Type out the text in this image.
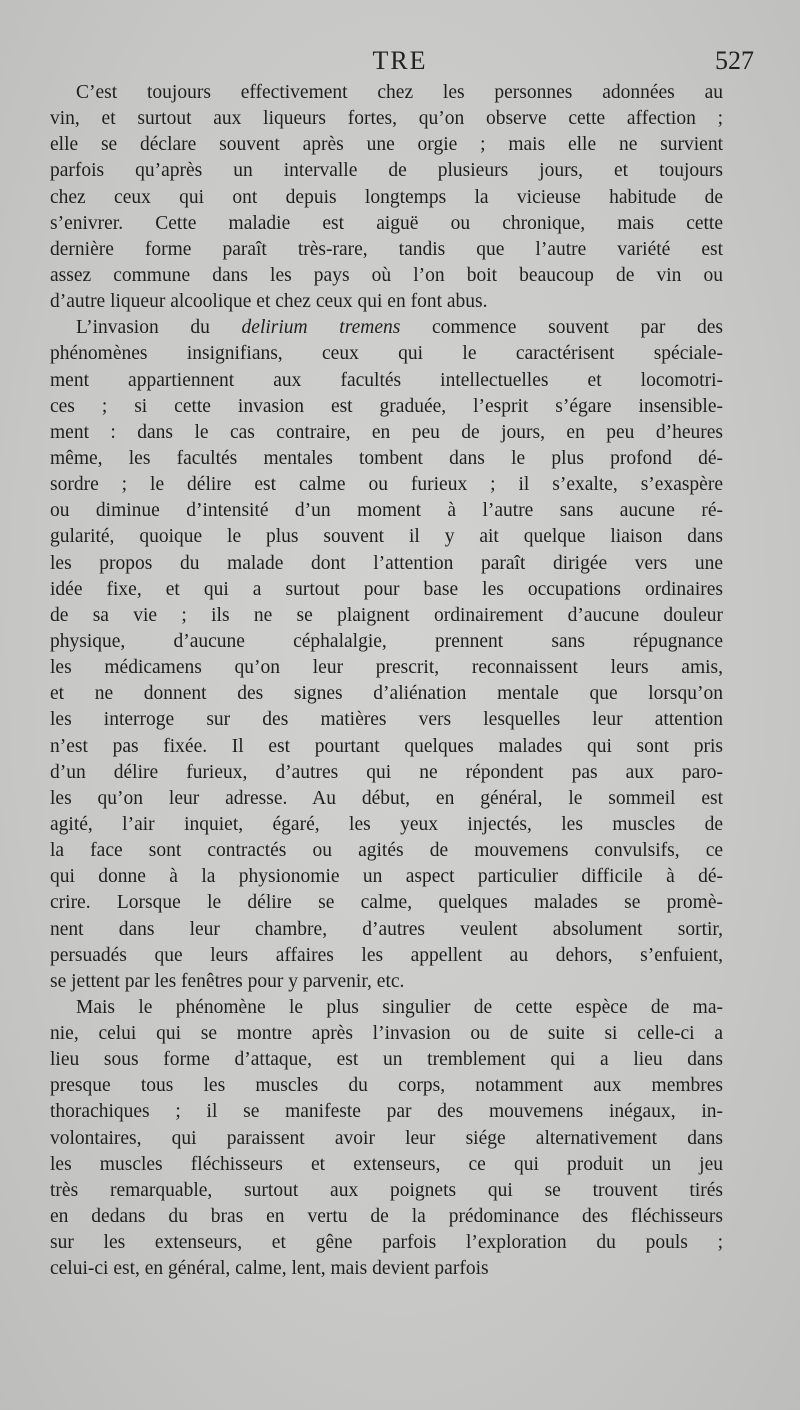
TRE	527
C’est toujours effectivement chez les personnes adonnées au
vin, et surtout aux liqueurs fortes, qu’on observe cette affection ;
elle se déclare souvent après une orgie ; mais elle ne survient
parfois qu’après un intervalle de plusieurs jours, et toujours
chez ceux qui ont depuis longtemps la vicieuse habitude de
s’enivrer. Cette maladie est aiguë ou chronique, mais cette
dernière forme paraît très-rare, tandis que l’autre variété est
assez commune dans les pays où l’on boit beaucoup de vin ou
d’autre liqueur alcoolique et chez ceux qui en font abus.
L’invasion du delirium tremens commence souvent par des
phénomènes insignifians, ceux qui le caractérisent spéciale-
ment appartiennent aux facultés intellectuelles et locomotri-
ces ; si cette invasion est graduée, l’esprit s’égare insensible-
ment : dans le cas contraire, en peu de jours, en peu d’heures
même, les facultés mentales tombent dans le plus profond dé-
sordre ; le délire est calme ou furieux ; il s’exalte, s’exaspère
ou diminue d’intensité d’un moment à l’autre sans aucune ré-
gularité, quoique le plus souvent il y ait quelque liaison dans
les propos du malade dont l’attention paraît dirigée vers une
idée fixe, et qui a surtout pour base les occupations ordinaires
de sa vie ; ils ne se plaignent ordinairement d’aucune douleur
physique, d’aucune céphalalgie, prennent sans répugnance
les médicamens qu’on leur prescrit, reconnaissent leurs amis,
et ne donnent des signes d’aliénation mentale que lorsqu’on
les interroge sur des matières vers lesquelles leur attention
n’est pas fixée. Il est pourtant quelques malades qui sont pris
d’un délire furieux, d’autres qui ne répondent pas aux paro-
les qu’on leur adresse. Au début, en général, le sommeil est
agité, l’air inquiet, égaré, les yeux injectés, les muscles de
la face sont contractés ou agités de mouvemens convulsifs, ce
qui donne à la physionomie un aspect particulier difficile à dé-
crire. Lorsque le délire se calme, quelques malades se promè-
nent dans leur chambre, d’autres veulent absolument sortir,
persuadés que leurs affaires les appellent au dehors, s’enfuient,
se jettent par les fenêtres pour y parvenir, etc.
Mais le phénomène le plus singulier de cette espèce de ma-
nie, celui qui se montre après l’invasion ou de suite si celle-ci a
lieu sous forme d’attaque, est un tremblement qui a lieu dans
presque tous les muscles du corps, notamment aux membres
thorachiques ; il se manifeste par des mouvemens inégaux, in-
volontaires, qui paraissent avoir leur siége alternativement dans
les muscles fléchisseurs et extenseurs, ce qui produit un jeu
très remarquable, surtout aux poignets qui se trouvent tirés
en dedans du bras en vertu de la prédominance des fléchisseurs
sur les extenseurs, et gêne parfois l’exploration du pouls ;
celui-ci est, en général, calme, lent, mais devient parfois
